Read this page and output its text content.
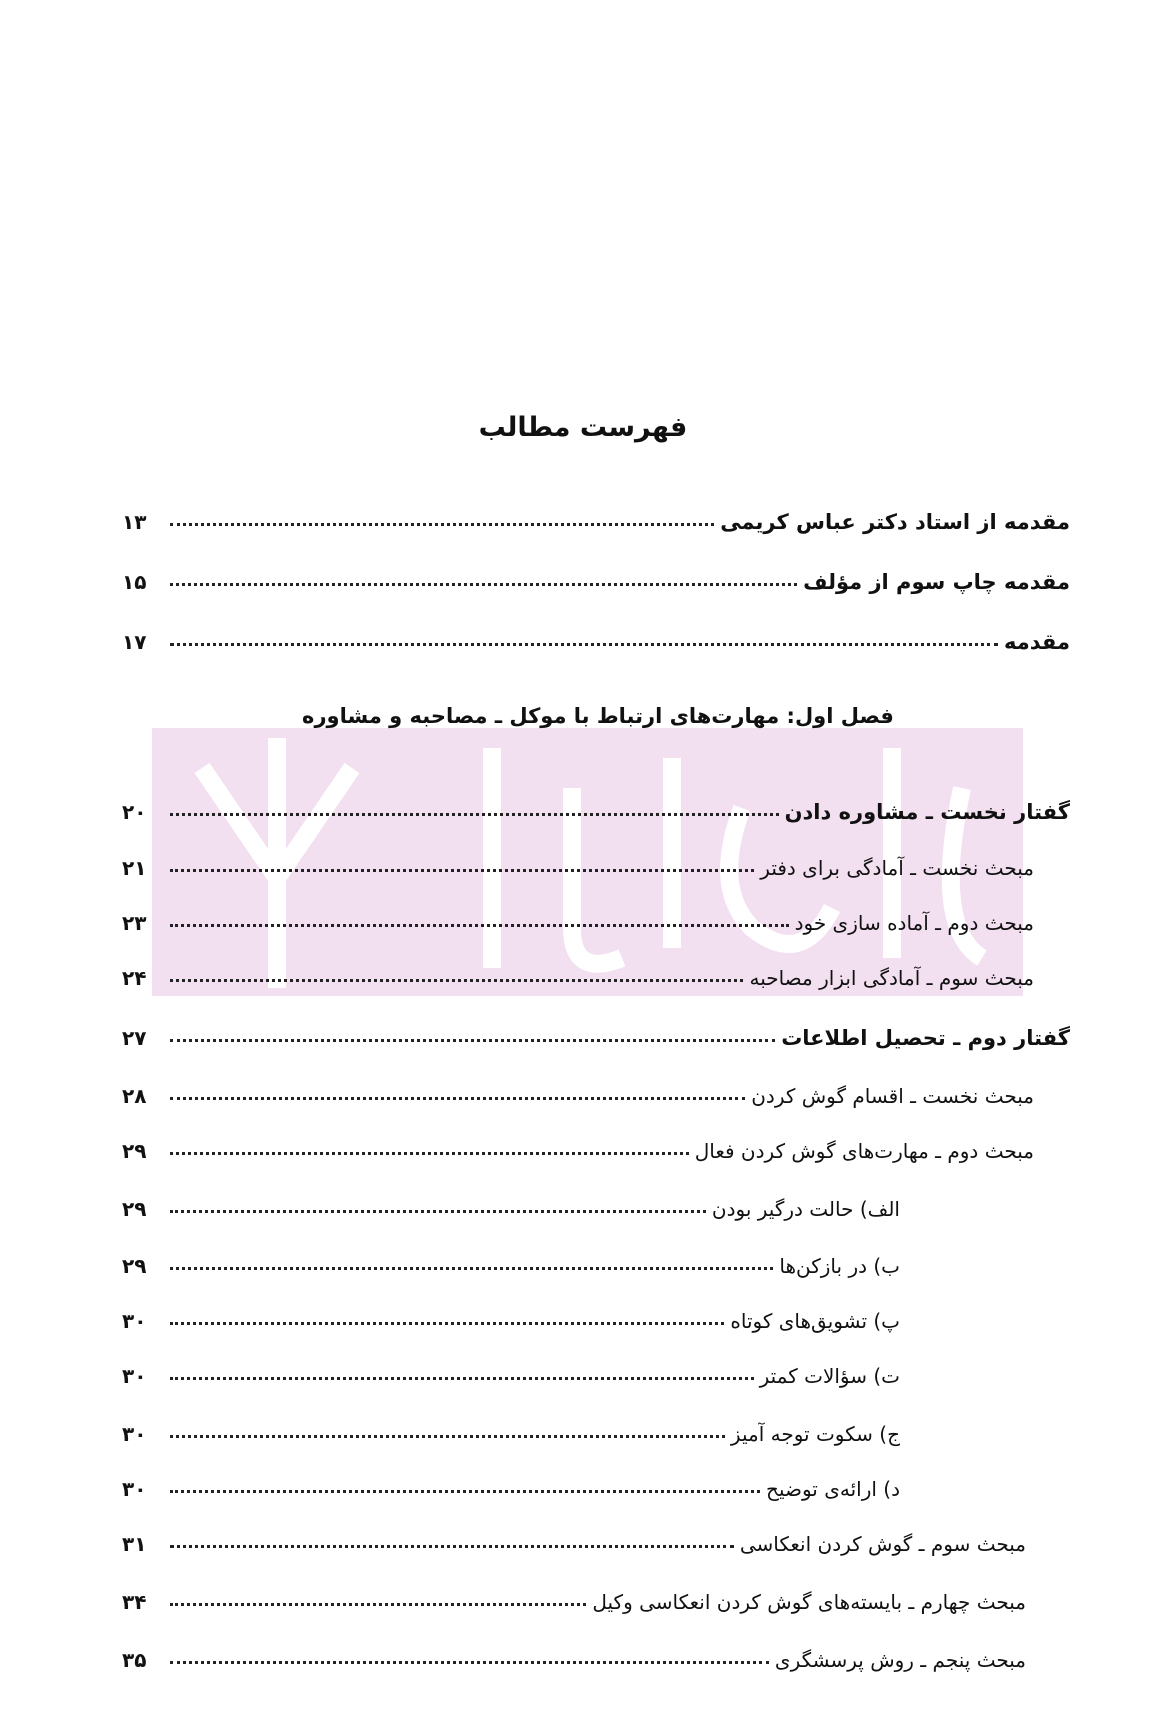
فهرست مطالب
مقدمه از استاد دکتر عباس کریمی
۱۳
مقدمه چاپ سوم از مؤلف
۱۵
مقدمه
۱۷
فصل اول: مهارت‌های ارتباط با موکل ـ مصاحبه و مشاوره
گفتار نخست ـ مشاوره دادن
۲۰
مبحث نخست ـ آمادگی برای دفتر
۲۱
مبحث دوم ـ آماده سازی خود
۲۳
مبحث سوم ـ آمادگی ابزار مصاحبه
۲۴
گفتار دوم ـ تحصیل اطلاعات
۲۷
مبحث نخست ـ اقسام گوش کردن
۲۸
مبحث دوم ـ مهارت‌های گوش کردن فعال
۲۹
الف) حالت درگیر بودن
۲۹
ب) در بازکن‌ها
۲۹
پ) تشویق‌های کوتاه
۳۰
ت) سؤالات کمتر
۳۰
ج) سکوت توجه آمیز
۳۰
د) ارائه‌ی توضیح
۳۰
مبحث سوم ـ گوش کردن انعکاسی
۳۱
مبحث چهارم ـ بایسته‌های گوش کردن انعکاسی وکیل
۳۴
مبحث پنجم ـ روش پرسشگری
۳۵
